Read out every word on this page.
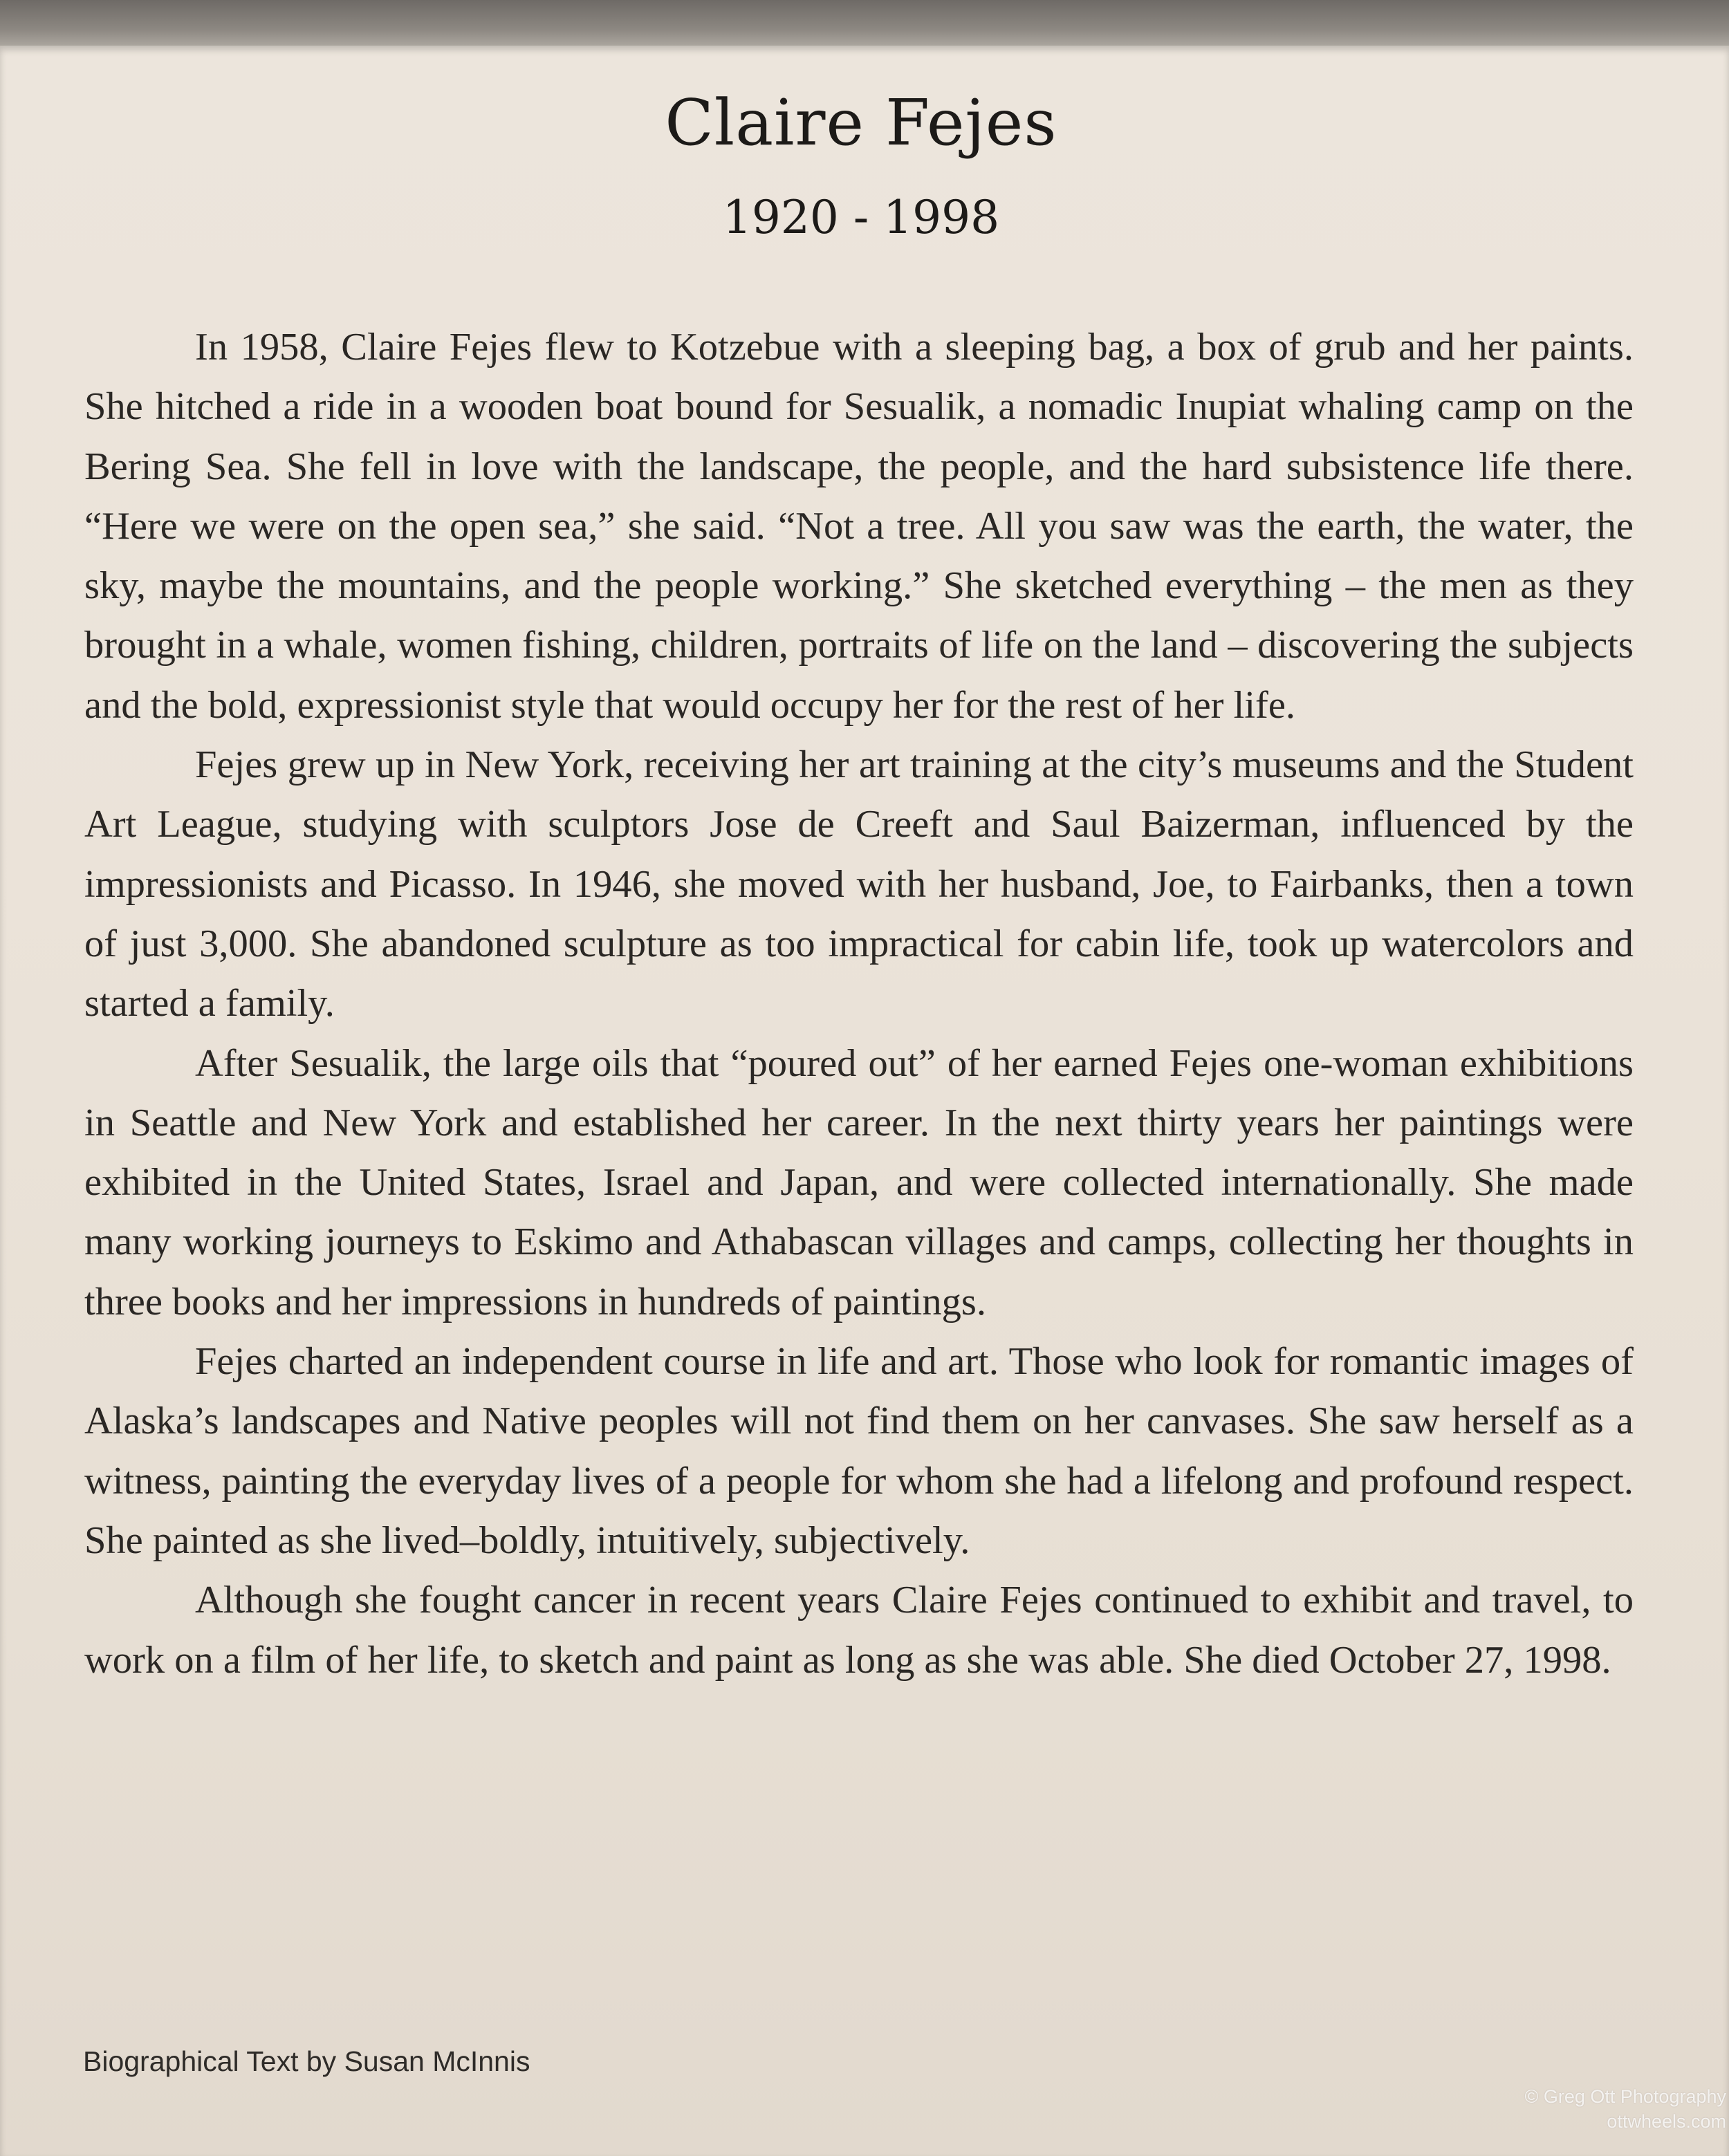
Claire Fejes
1920 - 1998

In 1958, Claire Fejes flew to Kotzebue with a sleeping bag, a box of grub and her paints. She hitched a ride in a wooden boat bound for Sesualik, a nomadic Inupiat whaling camp on the Bering Sea. She fell in love with the landscape, the people, and the hard subsistence life there. “Here we were on the open sea,” she said. “Not a tree. All you saw was the earth, the water, the sky, maybe the mountains, and the people working.” She sketched everything – the men as they brought in a whale, women fishing, children, portraits of life on the land – discovering the subjects and the bold, expressionist style that would occupy her for the rest of her life.

Fejes grew up in New York, receiving her art training at the city’s museums and the Student Art League, studying with sculptors Jose de Creeft and Saul Baizerman, influenced by the impressionists and Picasso. In 1946, she moved with her husband, Joe, to Fairbanks, then a town of just 3,000. She abandoned sculpture as too impractical for cabin life, took up watercolors and started a family.

After Sesualik, the large oils that “poured out” of her earned Fejes one-woman exhibitions in Seattle and New York and established her career. In the next thirty years her paintings were exhibited in the United States, Israel and Japan, and were collected internationally. She made many working journeys to Eskimo and Athabascan villages and camps, collecting her thoughts in three books and her impressions in hundreds of paintings.

Fejes charted an independent course in life and art. Those who look for romantic images of Alaska’s landscapes and Native peoples will not find them on her canvases. She saw herself as a witness, painting the everyday lives of a people for whom she had a lifelong and profound respect. She painted as she lived–boldly, intuitively, subjectively.

Although she fought cancer in recent years Claire Fejes continued to exhibit and travel, to work on a film of her life, to sketch and paint as long as she was able. She died October 27, 1998.

Biographical Text by Susan McInnis
© Greg Ott Photography
ottwheels.com
